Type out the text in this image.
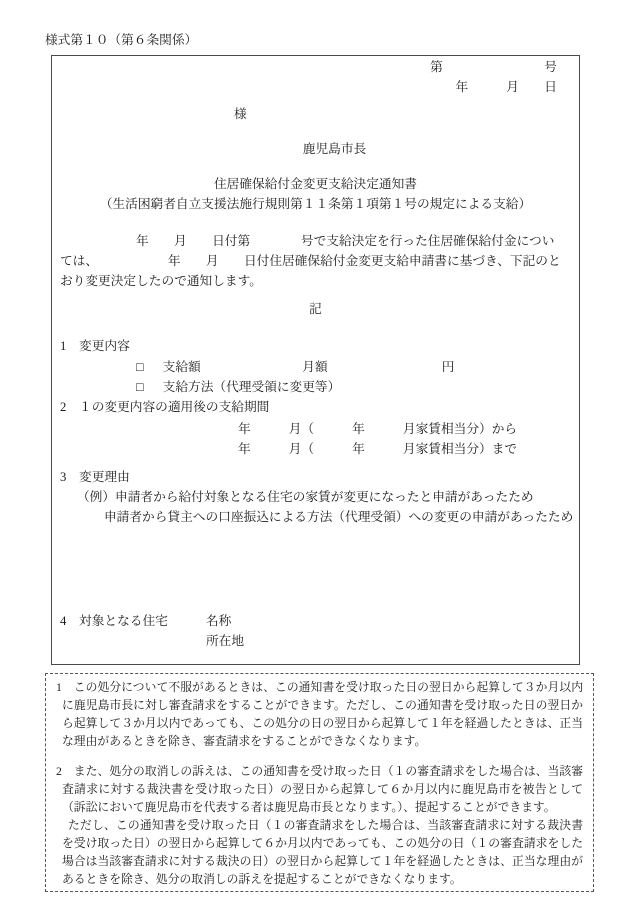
様式第１０（第６条関係）
第　　　　　　　　号
年　　　月　　日
様
鹿児島市長
住居確保給付金変更支給決定通知書
（生活困窮者自立支援法施行規則第１１条第１項第１号の規定による支給）
年　　月　　日付第　　　　号で支給決定を行った住居確保給付金につい
ては、　　　　　　年　　月　　日付住居確保給付金変更支給申請書に基づき、下記のと
おり変更決定したので通知します。
記
1　変更内容
□ 支給額　　　　　　　　月額　　　　　　　　　円
□ 支給方法（代理受領に変更等）
2　１の変更内容の適用後の支給期間
年　　　月（　　　年　　　月家賃相当分）から
年　　　月（　　　年　　　月家賃相当分）まで
3　変更理由
（例）申請者から給付対象となる住宅の家賃が変更になったと申請があったため
申請者から貸主への口座振込による方法（代理受領）への変更の申請があったため
4　対象となる住宅　　　名称
所在地

1　この処分について不服があるときは、この通知書を受け取った日の翌日から起算して３か月以内に鹿児島市長に対し審査請求をすることができます。ただし、この通知書を受け取った日の翌日から起算して３か月以内であっても、この処分の日の翌日から起算して１年を経過したときは、正当な理由があるときを除き、審査請求をすることができなくなります。

2　また、処分の取消しの訴えは、この通知書を受け取った日（１の審査請求をした場合は、当該審査請求に対する裁決書を受け取った日）の翌日から起算して６か月以内に鹿児島市を被告として（訴訟において鹿児島市を代表する者は鹿児島市長となります。）、提起することができます。

　ただし、この通知書を受け取った日（１の審査請求をした場合は、当該審査請求に対する裁決書を受け取った日）の翌日から起算して６か月以内であっても、この処分の日（１の審査請求をした場合は当該審査請求に対する裁決の日）の翌日から起算して１年を経過したときは、正当な理由があるときを除き、処分の取消しの訴えを提起することができなくなります。
